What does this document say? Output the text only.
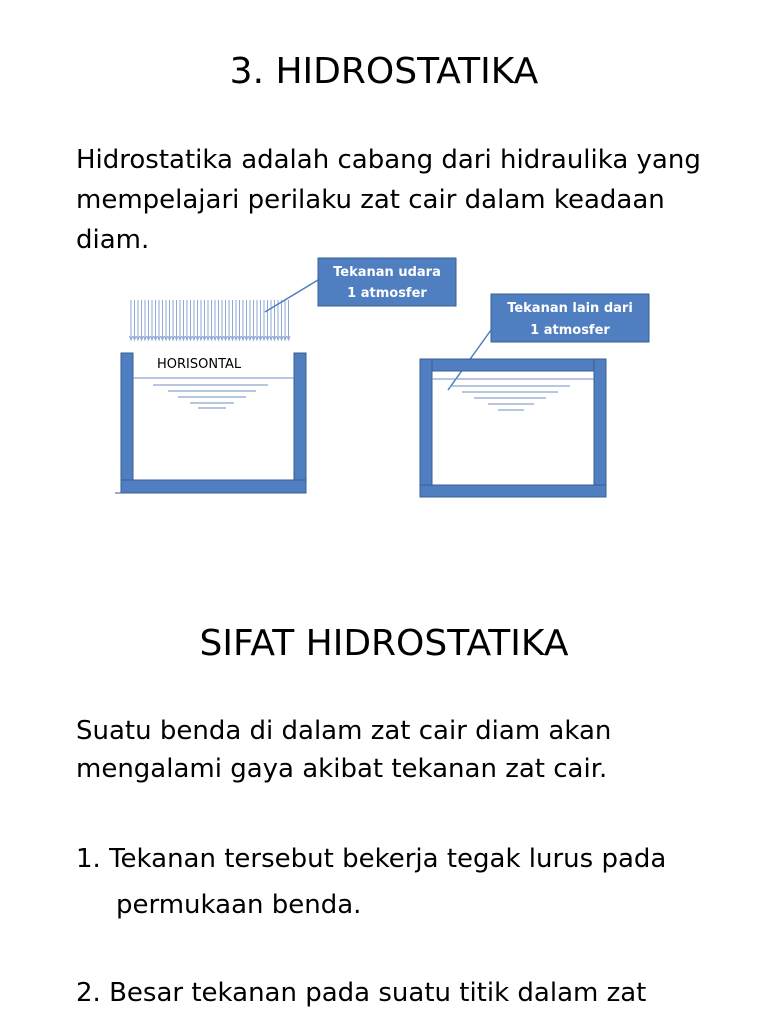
3. HIDROSTATIKA

Hidrostatika adalah cabang dari hidraulika yang mempelajari perilaku zat cair dalam keadaan diam.

Tekanan udara
1 atmosfer
HORISONTAL
Tekanan lain dari
1 atmosfer
SIFAT HIDROSTATIKA

Suatu benda di dalam zat cair diam akan mengalami gaya akibat tekanan zat cair.

1. Tekanan tersebut bekerja tegak lurus pada
permukaan benda.

2. Besar tekanan pada suatu titik dalam zat
